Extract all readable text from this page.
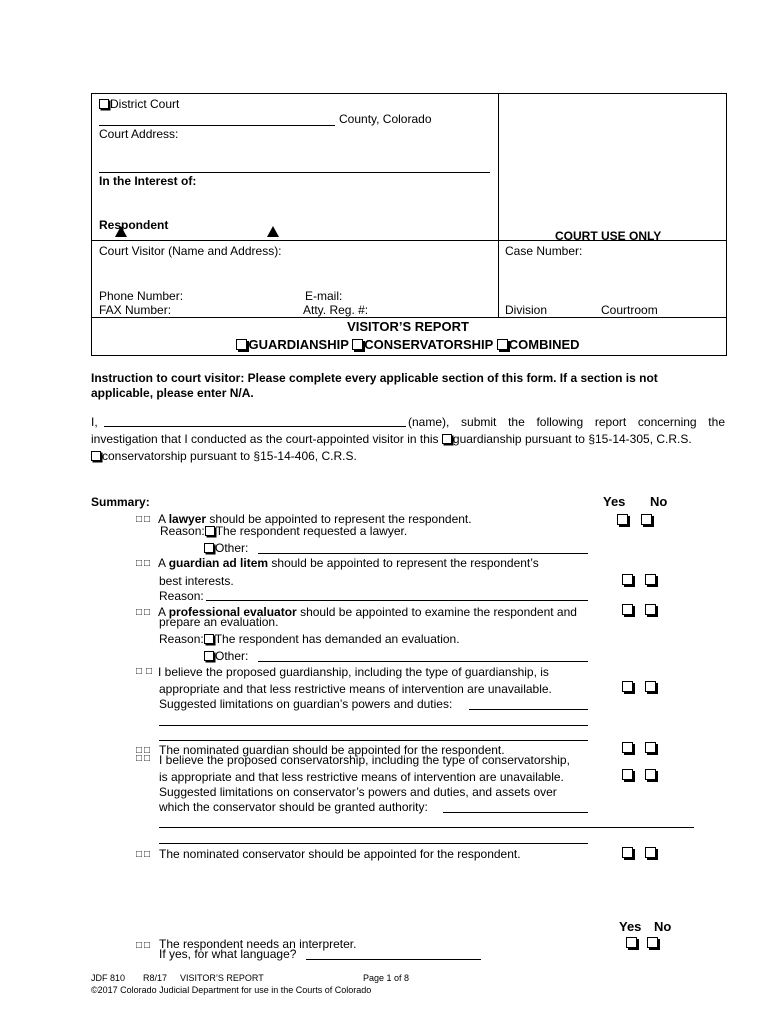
District Court
County, Colorado
Court Address:
In the Interest of:
Respondent
COURT USE ONLY
Court Visitor (Name and Address):	Case Number:
Phone Number:	E-mail:
FAX Number:	Atty. Reg. #:	Division	Courtroom
VISITOR’S REPORT
GUARDIANSHIP CONSERVATORSHIP COMBINED
Instruction to court visitor: Please complete every applicable section of this form. If a section is not
applicable, please enter N/A.
I,	(name), submit the following report concerning the
investigation that I conducted as the court-appointed visitor in this guardianship pursuant to §15-14-305, C.R.S.
conservatorship pursuant to §15-14-406, C.R.S.
Summary:	Yes No
□□ A lawyer should be appointed to represent the respondent.
Reason: The respondent requested a lawyer.
Other:
□□ A guardian ad litem should be appointed to represent the respondent’s
best interests.
Reason:
□□ A professional evaluator should be appointed to examine the respondent and
prepare an evaluation.
Reason: The respondent has demanded an evaluation.
Other:
□□ I believe the proposed guardianship, including the type of guardianship, is
appropriate and that less restrictive means of intervention are unavailable.
Suggested limitations on guardian’s powers and duties:
□□
□□
The nominated guardian should be appointed for the respondent.
I believe the proposed conservatorship, including the type of conservatorship,
is appropriate and that less restrictive means of intervention are unavailable.
Suggested limitations on conservator’s powers and duties, and assets over
which the conservator should be granted authority:
□□ The nominated conservator should be appointed for the respondent.
Yes No
□□ The respondent needs an interpreter.
If yes, for what language?
JDF 810 R8/17 VISITOR’S REPORT	Page 1 of 8
©2017 Colorado Judicial Department for use in the Courts of Colorado
